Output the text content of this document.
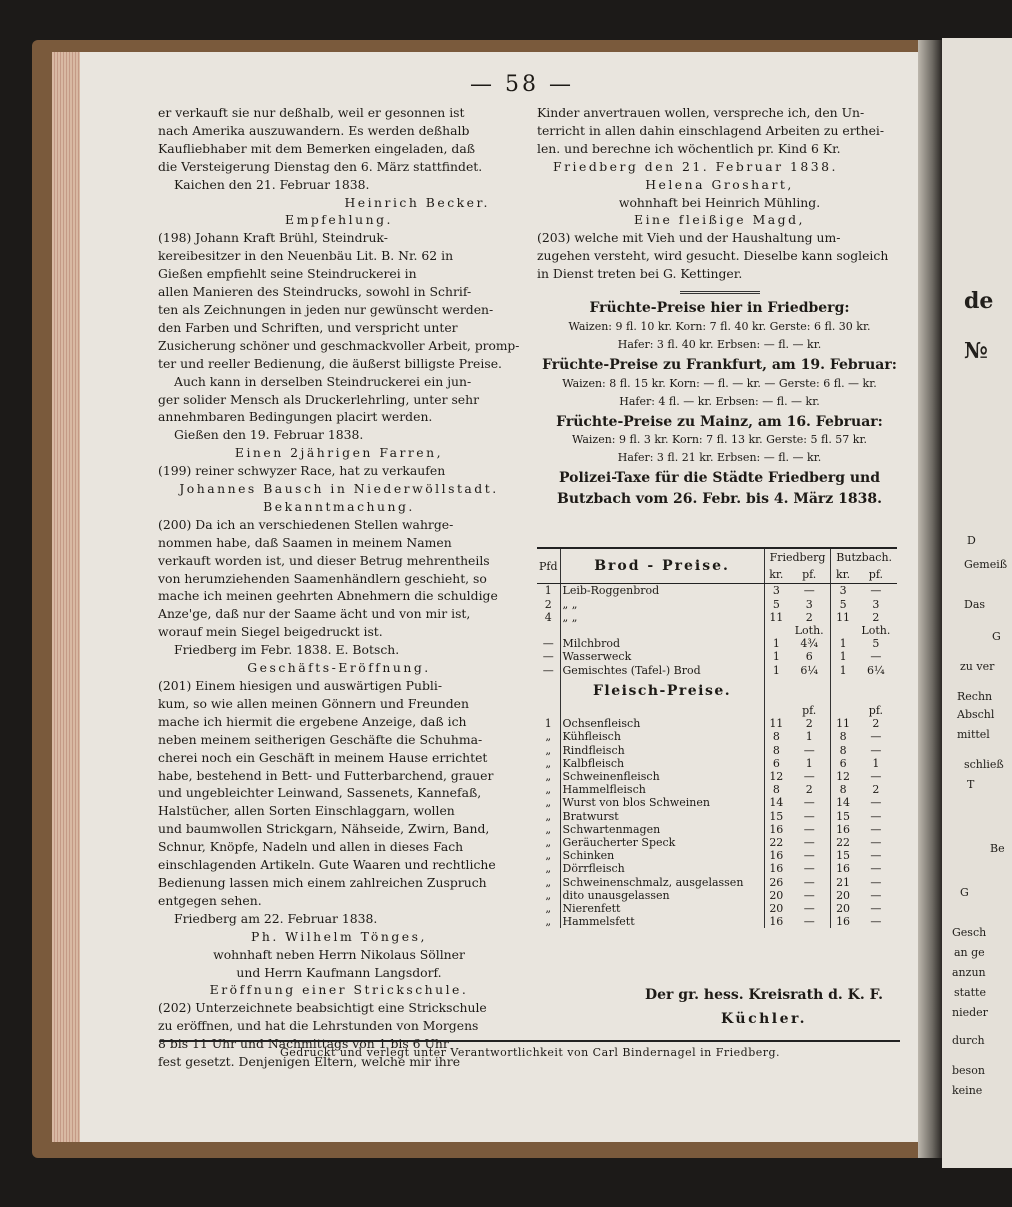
de
№
D
Gemeiß
Das
G
zu ver
Rechn
Abschl
mittel
schließ
T
Be
G
Gesch
an ge
anzun
statte
nieder
durch
beson
keine
— 58 —

er verkauft sie nur deßhalb, weil er gesonnen ist

nach Amerika auszuwandern. Es werden deßhalb

Kaufliebhaber mit dem Bemerken eingeladen, daß

die Versteigerung Dienstag den 6. März stattfindet.

Kaichen den 21. Februar 1838.

Heinrich Becker.

Empfehlung.

(198) Johann Kraft Brühl, Steindruk-

kereibesitzer in den Neuenbäu Lit. B. Nr. 62 in

Gießen empfiehlt seine Steindruckerei in

allen Manieren des Steindrucks, sowohl in Schrif-

ten als Zeichnungen in jeden nur gewünscht werden-

den Farben und Schriften, und verspricht unter

Zusicherung schöner und geschmackvoller Arbeit, promp-

ter und reeller Bedienung, die äußerst billigste Preise.

Auch kann in derselben Steindruckerei ein jun-

ger solider Mensch als Druckerlehrling, unter sehr

annehmbaren Bedingungen placirt werden.

Gießen den 19. Februar 1838.

Einen 2jährigen Farren,

(199) reiner schwyzer Race, hat zu verkaufen

Johannes Bausch in Niederwöllstadt.

Bekanntmachung.

(200) Da ich an verschiedenen Stellen wahrge-

nommen habe, daß Saamen in meinem Namen

verkauft worden ist, und dieser Betrug mehrentheils

von herumziehenden Saamenhändlern geschieht, so

mache ich meinen geehrten Abnehmern die schuldige

Anze'ge, daß nur der Saame ächt und von mir ist,

worauf mein Siegel beigedruckt ist.

Friedberg im Febr. 1838. E. Botsch.

Geschäfts-Eröffnung.

(201) Einem hiesigen und auswärtigen Publi-

kum, so wie allen meinen Gönnern und Freunden

mache ich hiermit die ergebene Anzeige, daß ich

neben meinem seitherigen Geschäfte die Schuhma-

cherei noch ein Geschäft in meinem Hause errichtet

habe, bestehend in Bett- und Futterbarchend, grauer

und ungebleichter Leinwand, Sassenets, Kannefaß,

Halstücher, allen Sorten Einschlaggarn, wollen

und baumwollen Strickgarn, Nähseide, Zwirn, Band,

Schnur, Knöpfe, Nadeln und allen in dieses Fach

einschlagenden Artikeln. Gute Waaren und rechtliche

Bedienung lassen mich einem zahlreichen Zuspruch

entgegen sehen.

Friedberg am 22. Februar 1838.

Ph. Wilhelm Tönges,

wohnhaft neben Herrn Nikolaus Söllner

und Herrn Kaufmann Langsdorf.

Eröffnung einer Strickschule.

(202) Unterzeichnete beabsichtigt eine Strickschule

zu eröffnen, und hat die Lehrstunden von Morgens

8 bis 11 Uhr und Nachmittags von 1 bis 6 Uhr

fest gesetzt. Denjenigen Eltern, welche mir ihre

Kinder anvertrauen wollen, verspreche ich, den Un-

terricht in allen dahin einschlagend Arbeiten zu erthei-

len. und berechne ich wöchentlich pr. Kind 6 Kr.

Friedberg den 21. Februar 1838.

Helena Groshart,

wohnhaft bei Heinrich Mühling.

Eine fleißige Magd,

(203) welche mit Vieh und der Haushaltung um-

zugehen versteht, wird gesucht. Dieselbe kann sogleich

in Dienst treten bei G. Kettinger.

Früchte-Preise hier in Friedberg:

Waizen: 9 fl. 10 kr. Korn: 7 fl. 40 kr. Gerste: 6 fl. 30 kr.

Hafer: 3 fl. 40 kr. Erbsen: — fl. — kr.

Früchte-Preise zu Frankfurt, am 19. Februar:

Waizen: 8 fl. 15 kr. Korn: — fl. — kr. — Gerste: 6 fl. — kr.

Hafer: 4 fl. — kr. Erbsen: — fl. — kr.

Früchte-Preise zu Mainz, am 16. Februar:

Waizen: 9 fl. 3 kr. Korn: 7 fl. 13 kr. Gerste: 5 fl. 57 kr.

Hafer: 3 fl. 21 kr. Erbsen: — fl. — kr.

Polizei-Taxe für die Städte Friedberg und

Butzbach vom 26. Febr. bis 4. März 1838.

Pfd	Brod - Preise.	Friedberg		Butzbach.	
		kr.	pf.	kr.	pf.
1	Leib-Roggenbrod	3	—	3	—
2	„ „	5	3	5	3
4	„ „	11	2	11	2
			Loth.		Loth.
—	Milchbrod	1	4¾	1	5
—	Wasserweck	1	6	1	—
—	Gemischtes (Tafel-) Brod	1	6¼	1	6¼
	Fleisch-Preise.				
			pf.		pf.
1	Ochsenfleisch	11	2	11	2
„	Kühfleisch	8	1	8	—
„	Rindfleisch	8	—	8	—
„	Kalbfleisch	6	1	6	1
„	Schweinenfleisch	12	—	12	—
„	Hammelfleisch	8	2	8	2
„	Wurst von blos Schweinen	14	—	14	—
„	Bratwurst	15	—	15	—
„	Schwartenmagen	16	—	16	—
„	Geräucherter Speck	22	—	22	—
„	Schinken	16	—	15	—
„	Dörrfleisch	16	—	16	—
„	Schweinenschmalz, ausgelassen	26	—	21	—
„	dito unausgelassen	20	—	20	—
„	Nierenfett	20	—	20	—
„	Hammelsfett	16	—	16	—
Der gr. hess. Kreisrath d. K. F.
Küchler.
Gedruckt und verlegt unter Verantwortlichkeit von Carl Bindernagel in Friedberg.
